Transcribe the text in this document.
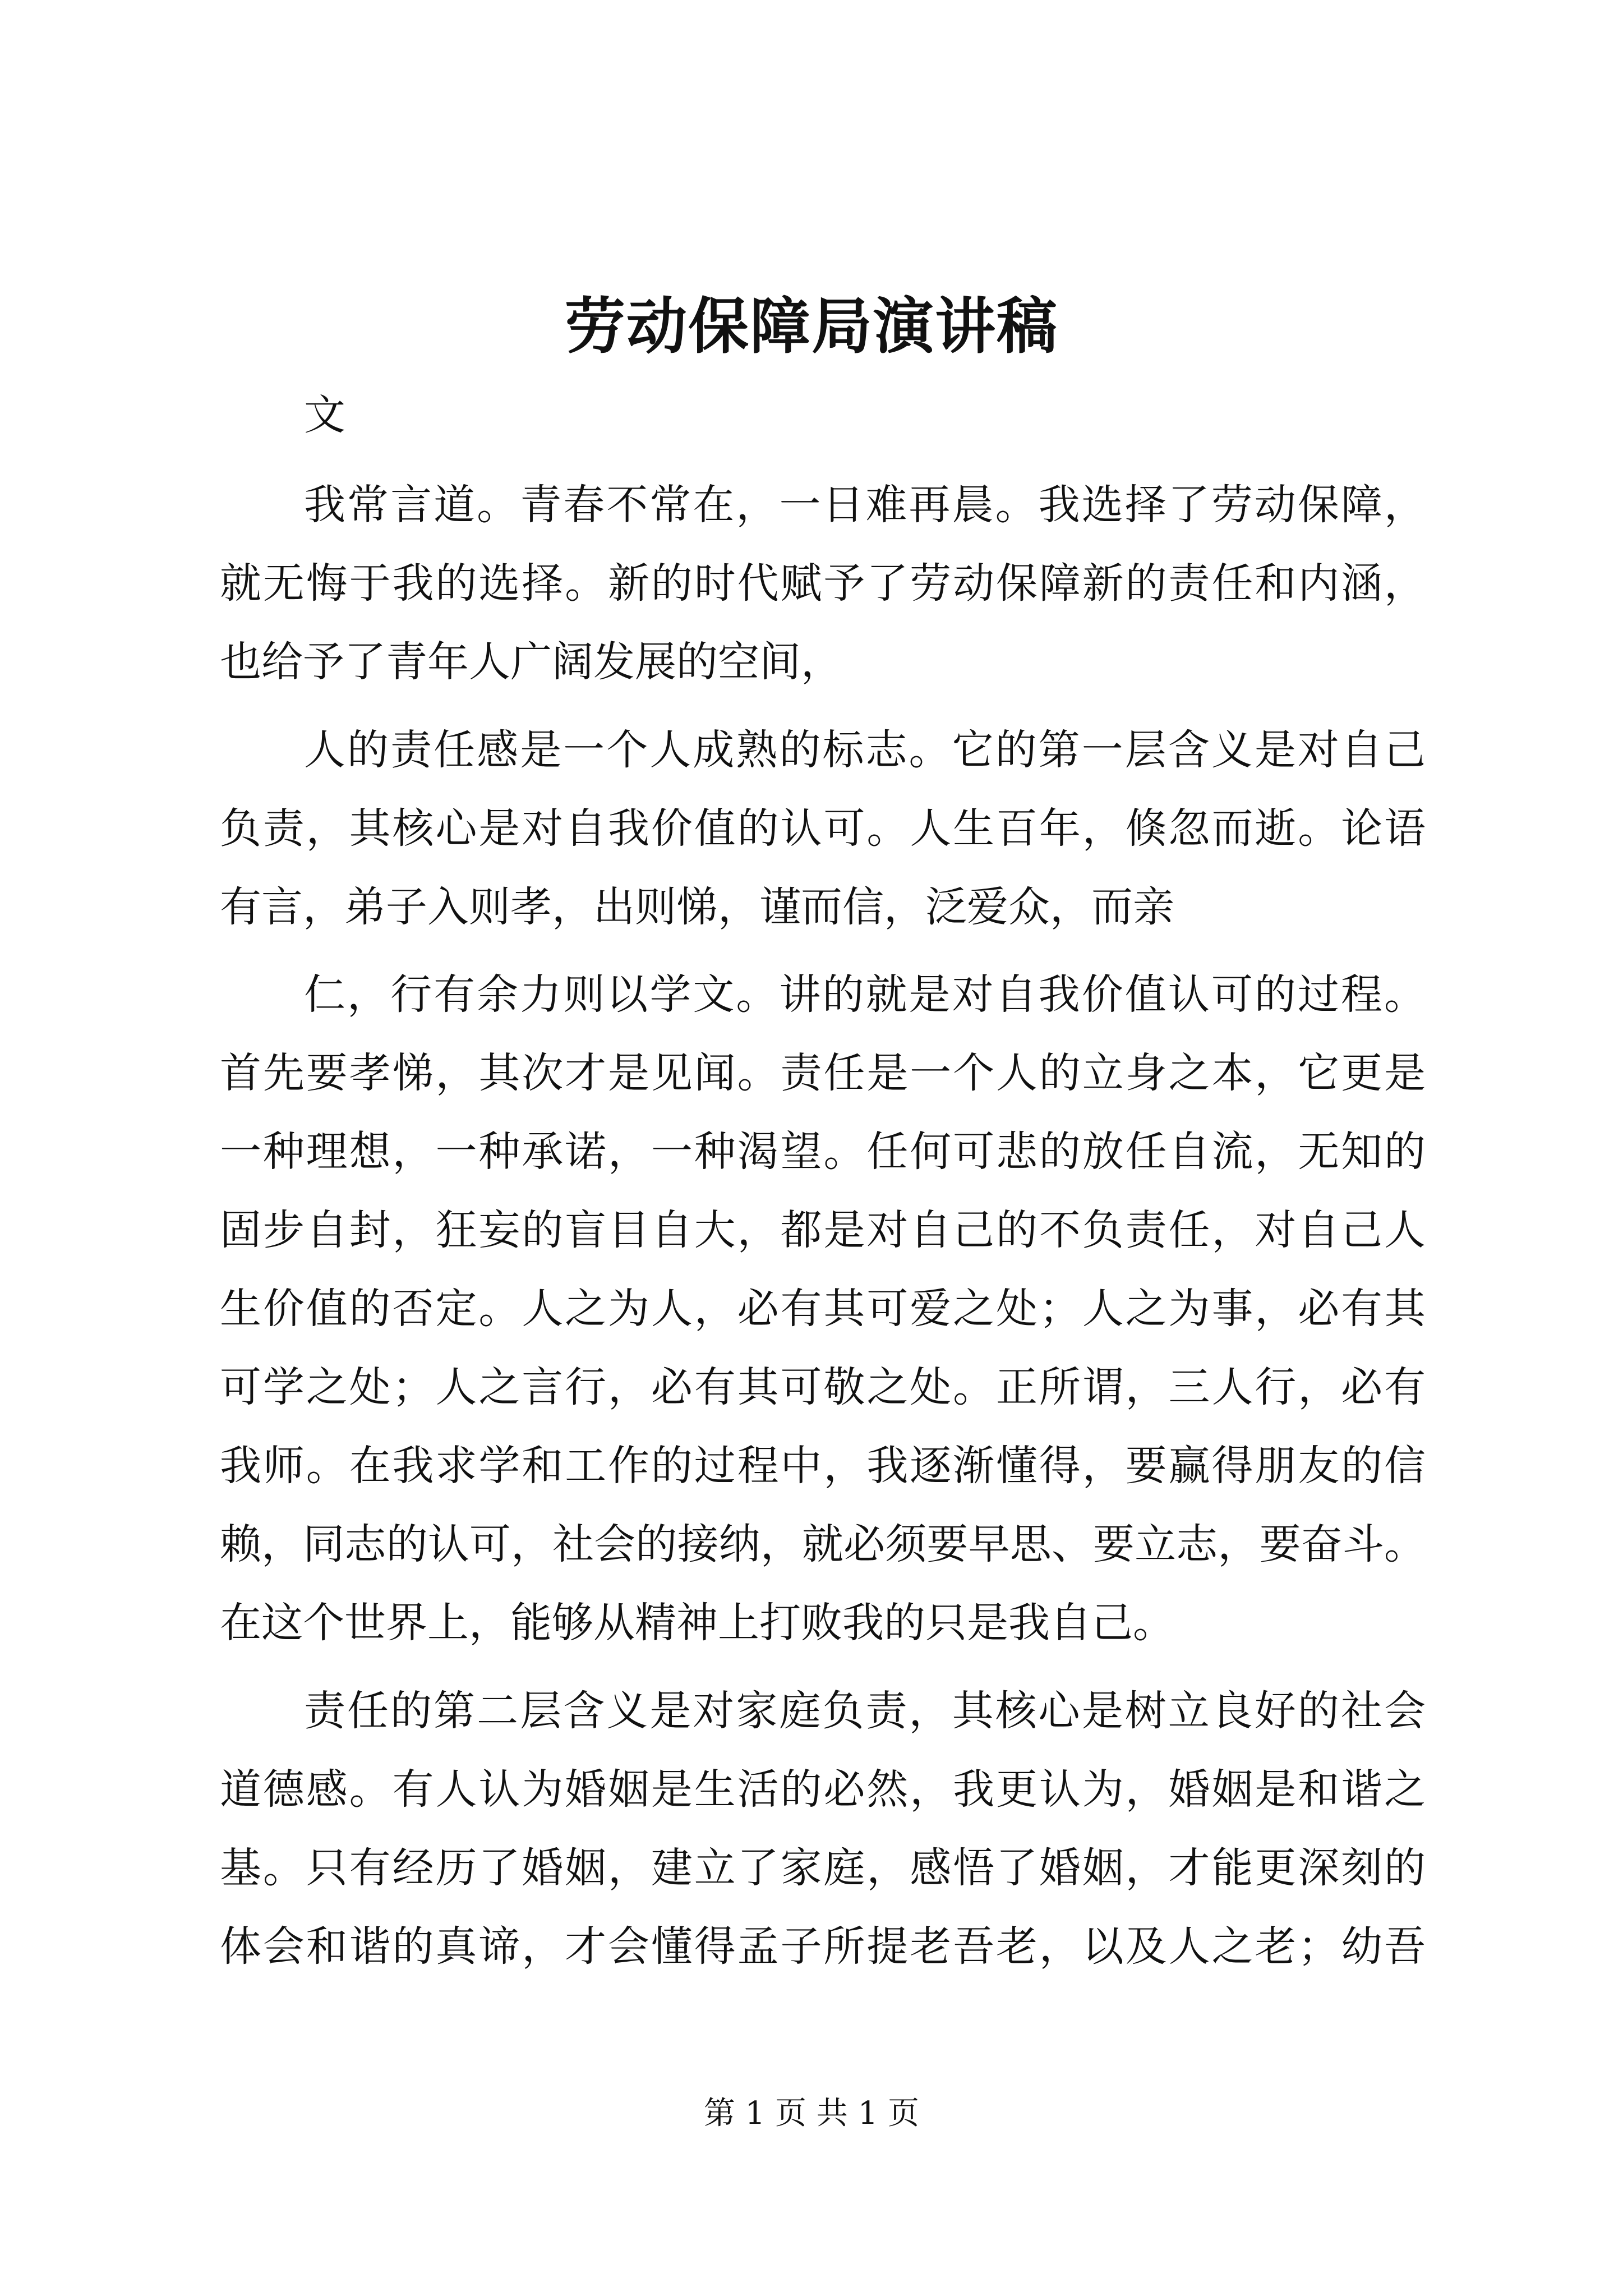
劳动保障局演讲稿
文
我常言道。青春不常在，一日难再晨。我选择了劳动保障，
就无悔于我的选择。新的时代赋予了劳动保障新的责任和内涵，
也给予了青年人广阔发展的空间，
人的责任感是一个人成熟的标志。它的第一层含义是对自己
负责，其核心是对自我价值的认可。人生百年，倏忽而逝。论语
有言，弟子入则孝，出则悌，谨而信，泛爱众，而亲
仁，行有余力则以学文。讲的就是对自我价值认可的过程。
首先要孝悌，其次才是见闻。责任是一个人的立身之本，它更是
一种理想，一种承诺，一种渴望。任何可悲的放任自流，无知的
固步自封，狂妄的盲目自大，都是对自己的不负责任，对自己人
生价值的否定。人之为人，必有其可爱之处；人之为事，必有其
可学之处；人之言行，必有其可敬之处。正所谓，三人行，必有
我师。在我求学和工作的过程中，我逐渐懂得，要赢得朋友的信
赖，同志的认可，社会的接纳，就必须要早思、要立志，要奋斗。
在这个世界上，能够从精神上打败我的只是我自己。
责任的第二层含义是对家庭负责，其核心是树立良好的社会
道德感。有人认为婚姻是生活的必然，我更认为，婚姻是和谐之
基。只有经历了婚姻，建立了家庭，感悟了婚姻，才能更深刻的
体会和谐的真谛，才会懂得孟子所提老吾老，以及人之老；幼吾
第 1 页 共 1 页
